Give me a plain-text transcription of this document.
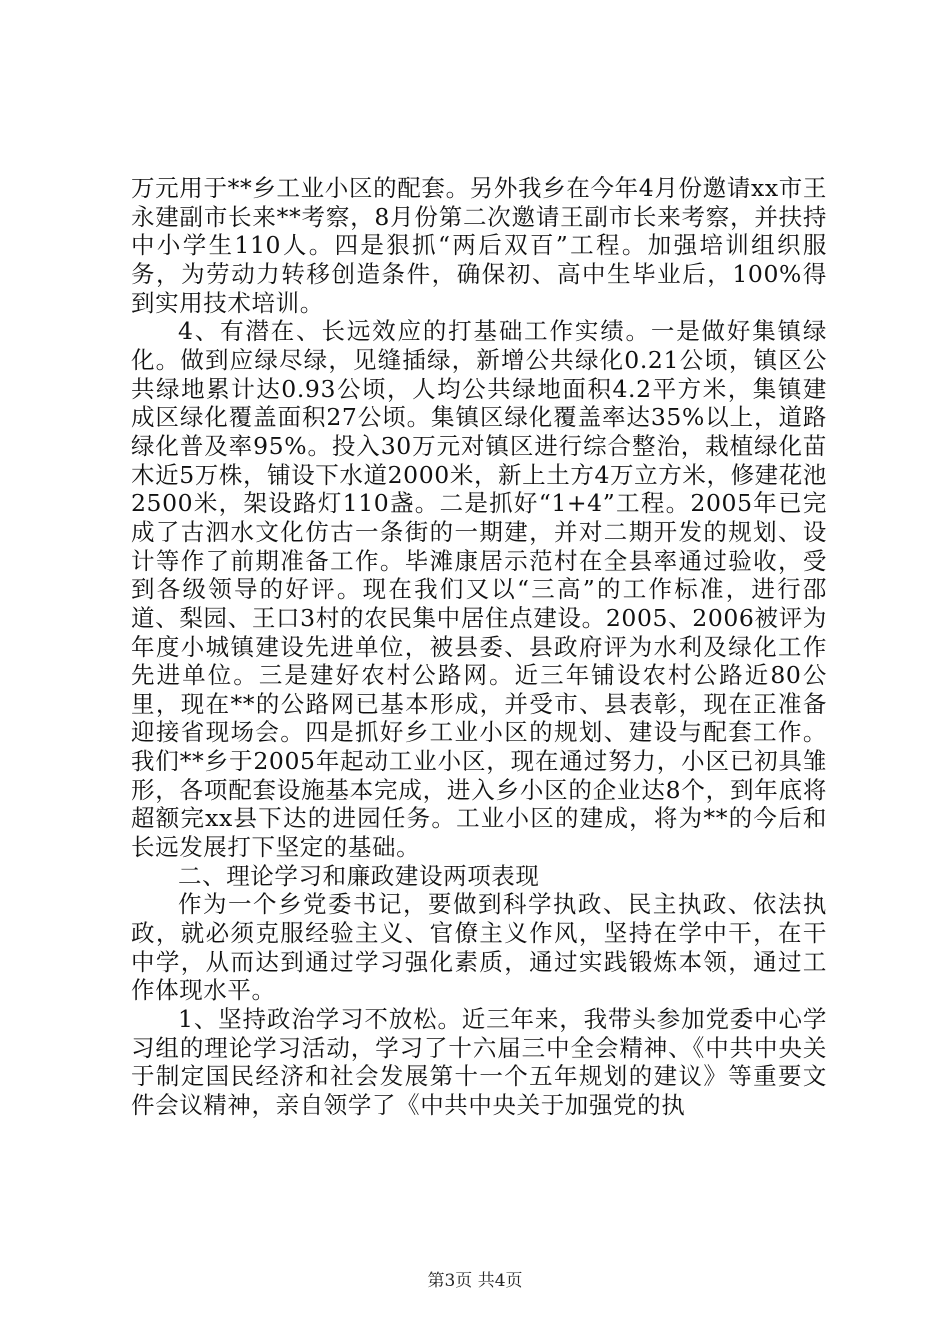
万元用于**乡工业小区的配套。另外我乡在今年4月份邀请xx市王永建副市长来**考察，8月份第二次邀请王副市长来考察，并扶持中小学生110人。四是狠抓“两后双百”工程。加强培训组织服务，为劳动力转移创造条件，确保初、高中生毕业后，100%得到实用技术培训。

4、有潜在、长远效应的打基础工作实绩。一是做好集镇绿化。做到应绿尽绿，见缝插绿，新增公共绿化0.21公顷，镇区公共绿地累计达0.93公顷，人均公共绿地面积4.2平方米，集镇建成区绿化覆盖面积27公顷。集镇区绿化覆盖率达35%以上，道路绿化普及率95%。投入30万元对镇区进行综合整治，栽植绿化苗木近5万株，铺设下水道2000米，新上土方4万立方米，修建花池2500米，架设路灯110盏。二是抓好“1+4”工程。2005年已完成了古泗水文化仿古一条街的一期建，并对二期开发的规划、设计等作了前期准备工作。毕滩康居示范村在全县率通过验收，受到各级领导的好评。现在我们又以“三高”的工作标准，进行邵道、梨园、王口3村的农民集中居住点建设。2005、2006被评为年度小城镇建设先进单位，被县委、县政府评为水利及绿化工作先进单位。三是建好农村公路网。近三年铺设农村公路近80公里，现在**的公路网已基本形成，并受市、县表彰，现在正准备迎接省现场会。四是抓好乡工业小区的规划、建设与配套工作。我们**乡于2005年起动工业小区，现在通过努力，小区已初具雏形，各项配套设施基本完成，进入乡小区的企业达8个，到年底将超额完xx县下达的进园任务。工业小区的建成，将为**的今后和长远发展打下坚定的基础。

二、理论学习和廉政建设两项表现

作为一个乡党委书记，要做到科学执政、民主执政、依法执政，就必须克服经验主义、官僚主义作风，坚持在学中干，在干中学，从而达到通过学习强化素质，通过实践锻炼本领，通过工作体现水平。

1、坚持政治学习不放松。近三年来，我带头参加党委中心学习组的理论学习活动，学习了十六届三中全会精神、《中共中央关于制定国民经济和社会发展第十一个五年规划的建议》等重要文件会议精神，亲自领学了《中共中央关于加强党的执

第3页 共4页
